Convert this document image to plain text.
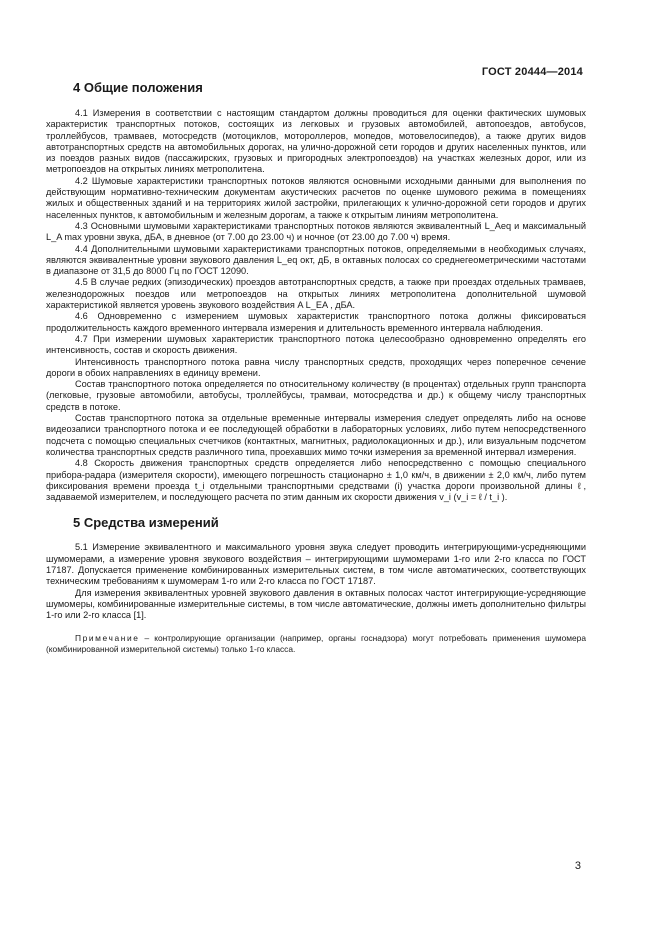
ГОСТ 20444—2014
4 Общие положения

4.1 Измерения в соответствии с настоящим стандартом должны проводиться для оценки фактических шумовых характеристик транспортных потоков, состоящих из легковых и грузовых автомобилей, автопоездов, автобусов, троллейбусов, трамваев, мотосредств (мотоциклов, мотороллеров, мопедов, мотовелосипедов), а также других видов автотранспортных средств на автомобильных дорогах, на улично-дорожной сети городов и других населенных пунктов, или из поездов разных видов (пассажирских, грузовых и пригородных электропоездов) на участках железных дорог, или из метропоездов на открытых линиях метрополитена.

4.2 Шумовые характеристики транспортных потоков являются основными исходными данными для выполнения по действующим нормативно-техническим документам акустических расчетов по оценке шумового режима в помещениях жилых и общественных зданий и на территориях жилой застройки, прилегающих к улично-дорожной сети городов и других населенных пунктов, к автомобильным и железным дорогам, а также к открытым линиям метрополитена.

4.3 Основными шумовыми характеристиками транспортных потоков являются эквивалентный L_Aeq и максимальный L_A max уровни звука, дБА, в дневное (от 7.00 до 23.00 ч) и ночное (от 23.00 до 7.00 ч) время.

4.4 Дополнительными шумовыми характеристиками транспортных потоков, определяемыми в необходимых случаях, являются эквивалентные уровни звукового давления L_eq окт, дБ, в октавных полосах со среднегеометрическими частотами в диапазоне от 31,5 до 8000 Гц по ГОСТ 12090.

4.5 В случае редких (эпизодических) проездов автотранспортных средств, а также при проездах отдельных трамваев, железнодорожных поездов или метропоездов на открытых линиях метрополитена дополнительной шумовой характеристикой является уровень звукового воздействия A L_EA , дБА.

4.6 Одновременно с измерением шумовых характеристик транспортного потока должны фиксироваться продолжительность каждого временного интервала измерения и длительность временного интервала наблюдения.

4.7 При измерении шумовых характеристик транспортного потока целесообразно одновременно определять его интенсивность, состав и скорость движения.

Интенсивность транспортного потока равна числу транспортных средств, проходящих через поперечное сечение дороги в обоих направлениях в единицу времени.

Состав транспортного потока определяется по относительному количеству (в процентах) отдельных групп транспорта (легковые, грузовые автомобили, автобусы, троллейбусы, трамваи, мотосредства и др.) к общему числу транспортных средств в потоке.

Состав транспортного потока за отдельные временные интервалы измерения следует определять либо на основе видеозаписи транспортного потока и ее последующей обработки в лабораторных условиях, либо путем непосредственного подсчета с помощью специальных счетчиков (контактных, магнитных, радиолокационных и др.), или визуальным подсчетом количества транспортных средств различного типа, проехавших мимо точки измерения за временной интервал измерения.

4.8 Скорость движения транспортных средств определяется либо непосредственно с помощью специального прибора-радара (измерителя скорости), имеющего погрешность стационарно ± 1,0 км/ч, в движении ± 2,0 км/ч, либо путем фиксирования времени проезда t_i отдельными транспортными средствами (i) участка дороги произвольной длины ℓ, задаваемой измерителем, и последующего расчета по этим данным их скорости движения v_i (v_i = ℓ / t_i ).

5 Средства измерений

5.1 Измерение эквивалентного и максимального уровня звука следует проводить интегрирующими-усредняющими шумомерами, а измерение уровня звукового воздействия – интегрирующими шумомерами 1-го или 2-го класса по ГОСТ 17187. Допускается применение комбинированных измерительных систем, в том числе автоматических, соответствующих техническим требованиям к шумомерам 1-го или 2-го класса по ГОСТ 17187.

Для измерения эквивалентных уровней звукового давления в октавных полосах частот интегрирующие-усредняющие шумомеры, комбинированные измерительные системы, в том числе автоматические, должны иметь дополнительно фильтры 1-го или 2-го класса [1].

Примечание – контролирующие организации (например, органы госнадзора) могут потребовать применения шумомера (комбинированной измерительной системы) только 1-го класса.

3
